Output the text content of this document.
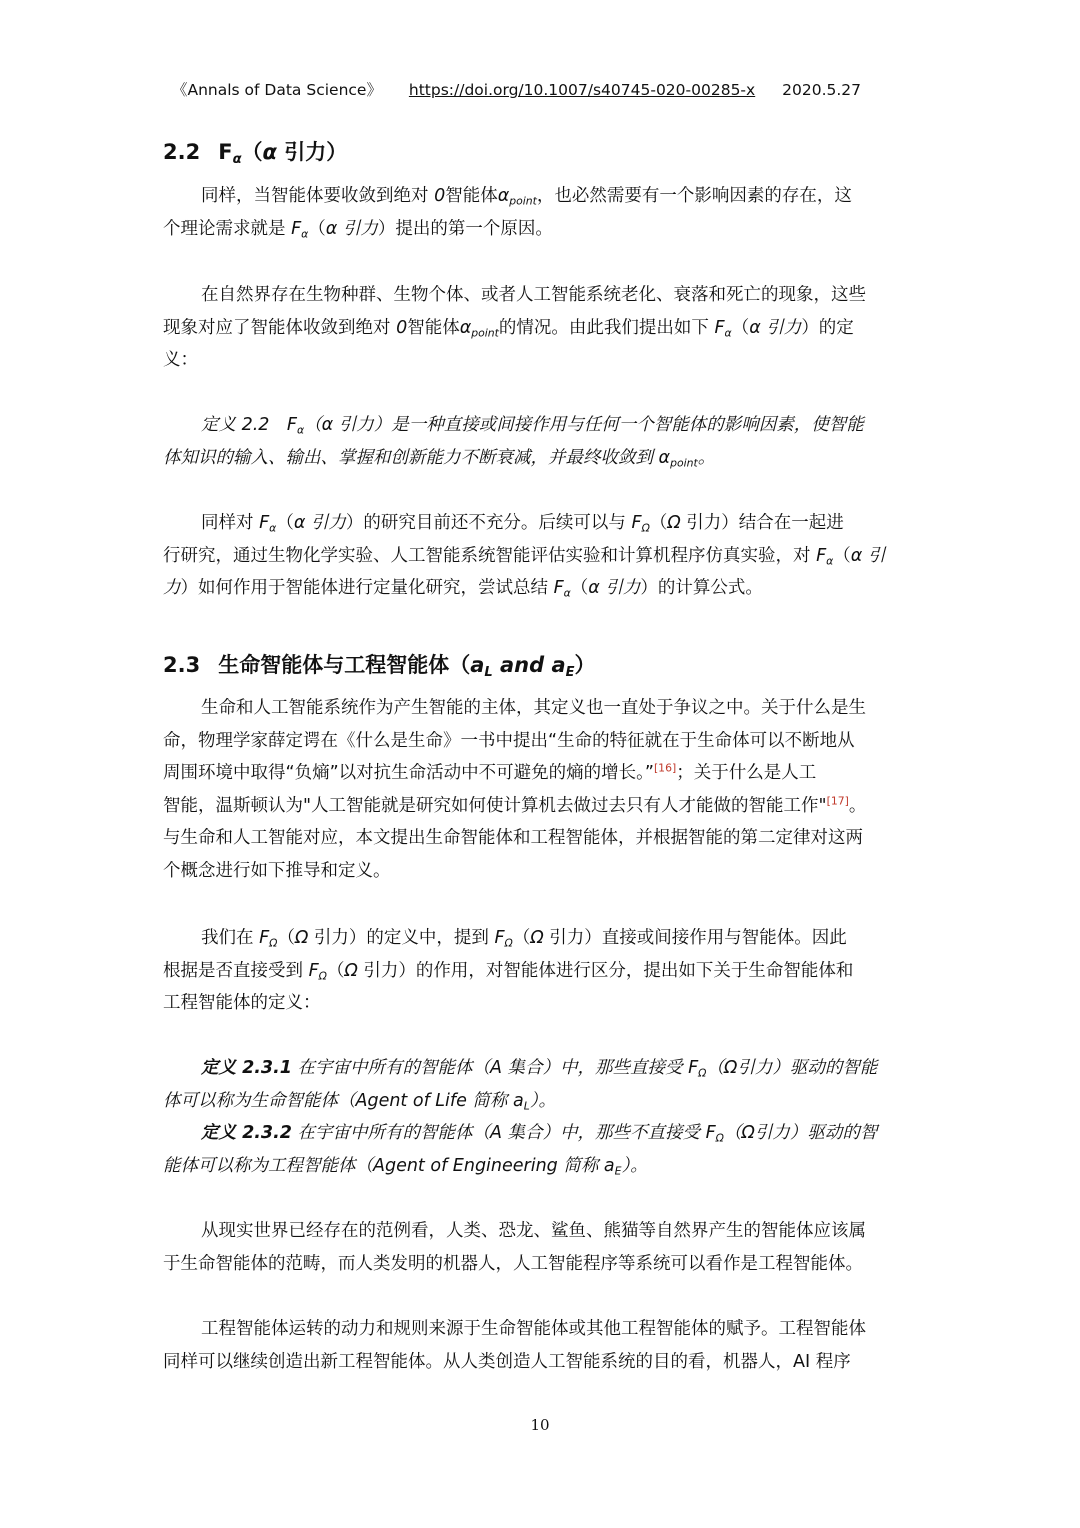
《Annals of Data Science》 https://doi.org/10.1007/s40745-020-00285-x 2020.5.27
2.2 $F_\alpha(\alpha$ 引力）
同样，当智能体要收敛到绝对 0智能体$\alpha_{point}$，也必然需要有一个影响因素的存在，这
个理论需求就是 $F_\alpha(\alpha$ 引力）提出的第一个原因。
在自然界存在生物种群、生物个体、或者人工智能系统老化、衰落和死亡的现象，这些
现象对应了智能体收敛到绝对 0智能体$\alpha_{point}$的情况。由此我们提出如下 $F_\alpha(\alpha$ 引力）的定
义：
定义 2.2　$F_\alpha(\alpha$ 引力）是一种直接或间接作用与任何一个智能体的影响因素，使智能
体知识的输入、输出、掌握和创新能力不断衰减，并最终收敛到 $\alpha_{point}$。
同样对 $F_\alpha(\alpha$ 引力）的研究目前还不充分。后续可以与 $F_\Omega(\Omega$ 引力）结合在一起进
行研究，通过生物化学实验、人工智能系统智能评估实验和计算机程序仿真实验，对 $F_\alpha(\alpha$ 引
力）如何作用于智能体进行定量化研究，尝试总结 $F_\alpha(\alpha$ 引力）的计算公式。
2.3 生命智能体与工程智能体（$a_L$ and $a_E$）
生命和人工智能系统作为产生智能的主体，其定义也一直处于争议之中。关于什么是生
命，物理学家薛定谔在《什么是生命》一书中提出“生命的特征就在于生命体可以不断地从
周围环境中取得“负熵”以对抗生命活动中不可避免的熵的增长。”[16]；关于什么是人工
智能，温斯顿认为"人工智能就是研究如何使计算机去做过去只有人才能做的智能工作"[17]。
与生命和人工智能对应，本文提出生命智能体和工程智能体，并根据智能的第二定律对这两
个概念进行如下推导和定义。
我们在 $F_\Omega(\Omega$ 引力）的定义中，提到 $F_\Omega(\Omega$ 引力）直接或间接作用与智能体。因此
根据是否直接受到 $F_\Omega(\Omega$ 引力）的作用，对智能体进行区分，提出如下关于生命智能体和
工程智能体的定义：
定义 2.3.1 在宇宙中所有的智能体（A 集合）中，那些直接受 $F_\Omega(\Omega$引力）驱动的智能
体可以称为生命智能体（Agent of Life 简称 $a_L$）。
定义 2.3.2 在宇宙中所有的智能体（A 集合）中，那些不直接受 $F_\Omega(\Omega$引力）驱动的智
能体可以称为工程智能体（Agent of Engineering 简称 $a_E$）。
从现实世界已经存在的范例看，人类、恐龙、鲨鱼、熊猫等自然界产生的智能体应该属
于生命智能体的范畴，而人类发明的机器人，人工智能程序等系统可以看作是工程智能体。
工程智能体运转的动力和规则来源于生命智能体或其他工程智能体的赋予。工程智能体
同样可以继续创造出新工程智能体。从人类创造人工智能系统的目的看，机器人，AI 程序
10
